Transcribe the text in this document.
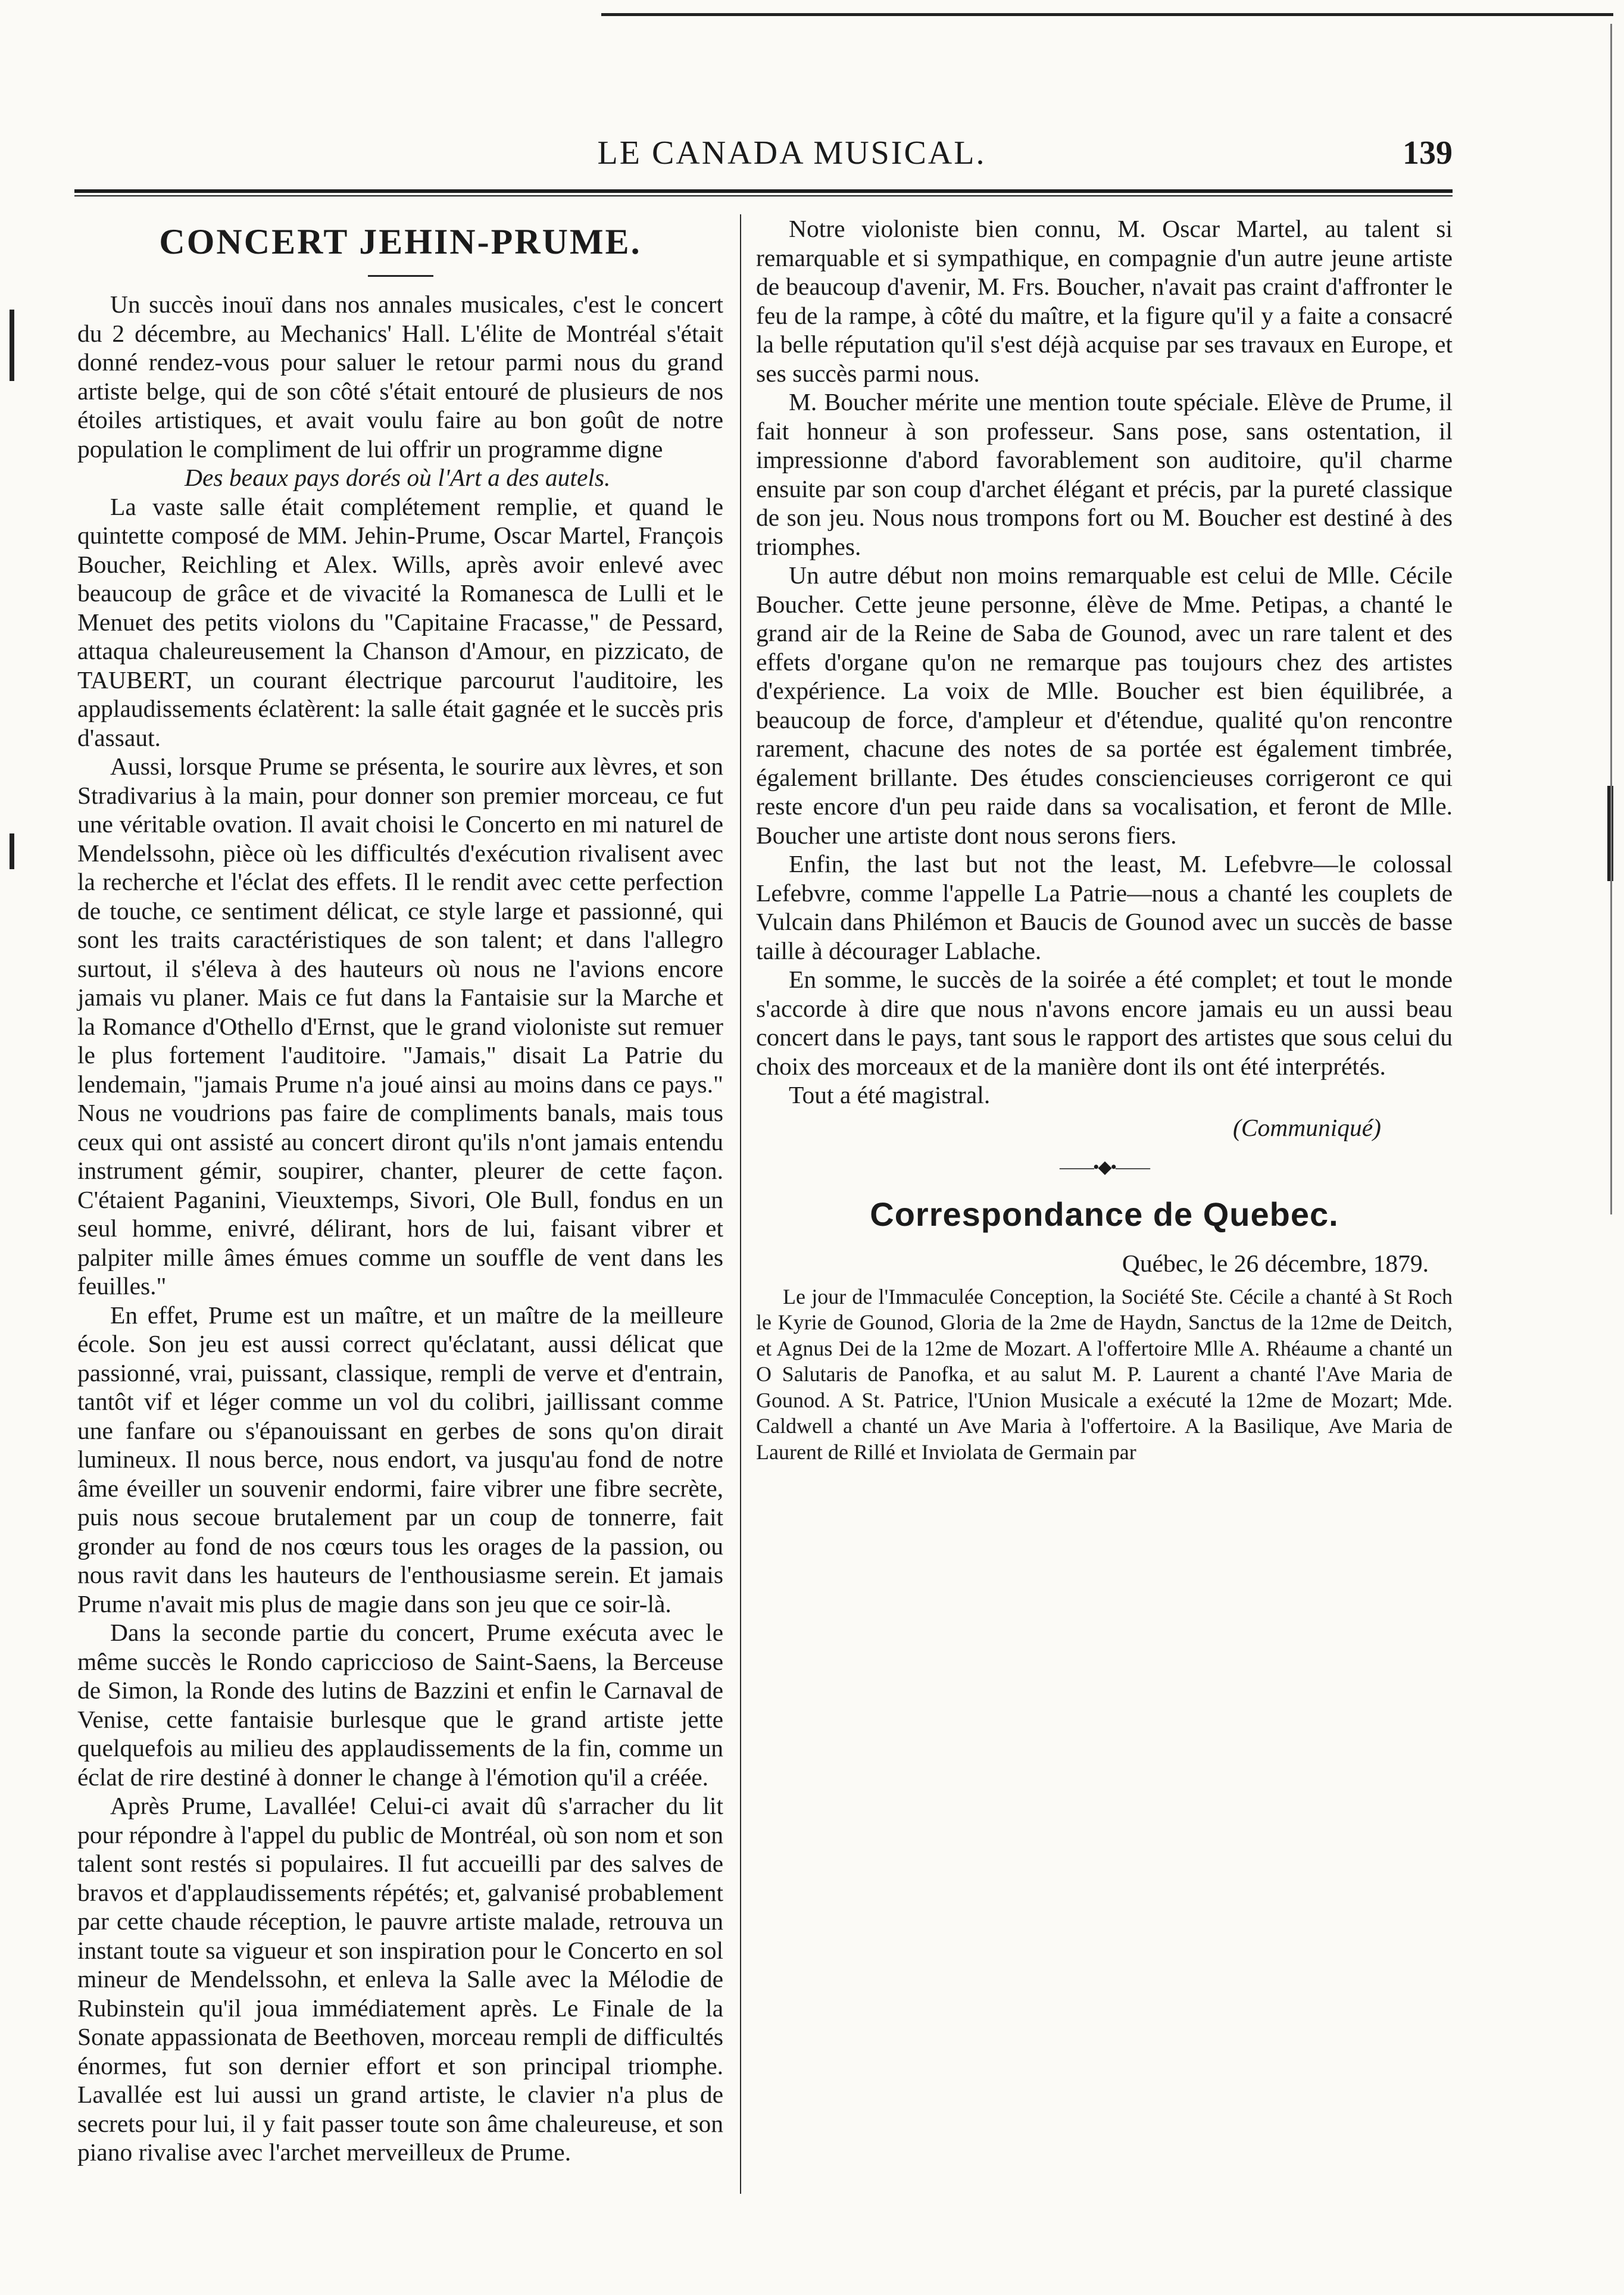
LE CANADA MUSICAL.	139
CONCERT JEHIN-PRUME.

Un succès inouï dans nos annales musicales, c'est le concert du 2 décembre, au Mechanics' Hall. L'élite de Montréal s'était donné rendez-vous pour saluer le retour parmi nous du grand artiste belge, qui de son côté s'était entouré de plusieurs de nos étoiles artistiques, et avait voulu faire au bon goût de notre population le compliment de lui offrir un programme digne

Des beaux pays dorés où l'Art a des autels.

La vaste salle était complétement remplie, et quand le quintette composé de MM. Jehin-Prume, Oscar Martel, François Boucher, Reichling et Alex. Wills, après avoir enlevé avec beaucoup de grâce et de vivacité la Romanesca de Lulli et le Menuet des petits violons du "Capitaine Fracasse," de Pessard, attaqua chaleureusement la Chanson d'Amour, en pizzicato, de TAUBERT, un courant électrique parcourut l'auditoire, les applaudissements éclatèrent: la salle était gagnée et le succès pris d'assaut.

Aussi, lorsque Prume se présenta, le sourire aux lèvres, et son Stradivarius à la main, pour donner son premier morceau, ce fut une véritable ovation. Il avait choisi le Concerto en mi naturel de Mendelssohn, pièce où les difficultés d'exécution rivalisent avec la recherche et l'éclat des effets. Il le rendit avec cette perfection de touche, ce sentiment délicat, ce style large et passionné, qui sont les traits caractéristiques de son talent; et dans l'allegro surtout, il s'éleva à des hauteurs où nous ne l'avions encore jamais vu planer. Mais ce fut dans la Fantaisie sur la Marche et la Romance d'Othello d'Ernst, que le grand violoniste sut remuer le plus fortement l'auditoire. "Jamais," disait La Patrie du lendemain, "jamais Prume n'a joué ainsi au moins dans ce pays." Nous ne voudrions pas faire de compliments banals, mais tous ceux qui ont assisté au concert diront qu'ils n'ont jamais entendu instrument gémir, soupirer, chanter, pleurer de cette façon. C'étaient Paganini, Vieuxtemps, Sivori, Ole Bull, fondus en un seul homme, enivré, délirant, hors de lui, faisant vibrer et palpiter mille âmes émues comme un souffle de vent dans les feuilles."

En effet, Prume est un maître, et un maître de la meilleure école. Son jeu est aussi correct qu'éclatant, aussi délicat que passionné, vrai, puissant, classique, rempli de verve et d'entrain, tantôt vif et léger comme un vol du colibri, jaillissant comme une fanfare ou s'épanouissant en gerbes de sons qu'on dirait lumineux. Il nous berce, nous endort, va jusqu'au fond de notre âme éveiller un souvenir endormi, faire vibrer une fibre secrète, puis nous secoue brutalement par un coup de tonnerre, fait gronder au fond de nos cœurs tous les orages de la passion, ou nous ravit dans les hauteurs de l'enthousiasme serein. Et jamais Prume n'avait mis plus de magie dans son jeu que ce soir-là.

Dans la seconde partie du concert, Prume exécuta avec le même succès le Rondo capriccioso de Saint-Saens, la Berceuse de Simon, la Ronde des lutins de Bazzini et enfin le Carnaval de Venise, cette fantaisie burlesque que le grand artiste jette quelquefois au milieu des applaudissements de la fin, comme un éclat de rire destiné à donner le change à l'émotion qu'il a créée.

Après Prume, Lavallée! Celui-ci avait dû s'arracher du lit pour répondre à l'appel du public de Montréal, où son nom et son talent sont restés si populaires. Il fut accueilli par des salves de bravos et d'applaudissements répétés; et, galvanisé probablement par cette chaude réception, le pauvre artiste malade, retrouva un instant toute sa vigueur et son inspiration pour le Concerto en sol mineur de Mendelssohn, et enleva la Salle avec la Mélodie de Rubinstein qu'il joua immédiatement après. Le Finale de la Sonate appassionata de Beethoven, morceau rempli de difficultés énormes, fut son dernier effort et son principal triomphe. Lavallée est lui aussi un grand artiste, le clavier n'a plus de secrets pour lui, il y fait passer toute son âme chaleureuse, et son piano rivalise avec l'archet merveilleux de Prume.

Notre violoniste bien connu, M. Oscar Martel, au talent si remarquable et si sympathique, en compagnie d'un autre jeune artiste de beaucoup d'avenir, M. Frs. Boucher, n'avait pas craint d'affronter le feu de la rampe, à côté du maître, et la figure qu'il y a faite a consacré la belle réputation qu'il s'est déjà acquise par ses travaux en Europe, et ses succès parmi nous.

M. Boucher mérite une mention toute spéciale. Elève de Prume, il fait honneur à son professeur. Sans pose, sans ostentation, il impressionne d'abord favorablement son auditoire, qu'il charme ensuite par son coup d'archet élégant et précis, par la pureté classique de son jeu. Nous nous trompons fort ou M. Boucher est destiné à des triomphes.

Un autre début non moins remarquable est celui de Mlle. Cécile Boucher. Cette jeune personne, élève de Mme. Petipas, a chanté le grand air de la Reine de Saba de Gounod, avec un rare talent et des effets d'organe qu'on ne remarque pas toujours chez des artistes d'expérience. La voix de Mlle. Boucher est bien équilibrée, a beaucoup de force, d'ampleur et d'étendue, qualité qu'on rencontre rarement, chacune des notes de sa portée est également timbrée, également brillante. Des études consciencieuses corrigeront ce qui reste encore d'un peu raide dans sa vocalisation, et feront de Mlle. Boucher une artiste dont nous serons fiers.

Enfin, the last but not the least, M. Lefebvre—le colossal Lefebvre, comme l'appelle La Patrie—nous a chanté les couplets de Vulcain dans Philémon et Baucis de Gounod avec un succès de basse taille à décourager Lablache.

En somme, le succès de la soirée a été complet; et tout le monde s'accorde à dire que nous n'avons encore jamais eu un aussi beau concert dans le pays, tant sous le rapport des artistes que sous celui du choix des morceaux et de la manière dont ils ont été interprétés.

Tout a été magistral.

(Communiqué)

——•◆•——
Correspondance de Quebec.

Québec, le 26 décembre, 1879.

Le jour de l'Immaculée Conception, la Société Ste. Cécile a chanté à St Roch le Kyrie de Gounod, Gloria de la 2me de Haydn, Sanctus de la 12me de Deitch, et Agnus Dei de la 12me de Mozart. A l'offertoire Mlle A. Rhéaume a chanté un O Salutaris de Panofka, et au salut M. P. Laurent a chanté l'Ave Maria de Gounod. A St. Patrice, l'Union Musicale a exécuté la 12me de Mozart; Mde. Caldwell a chanté un Ave Maria à l'offertoire. A la Basilique, Ave Maria de Laurent de Rillé et Inviolata de Germain par
